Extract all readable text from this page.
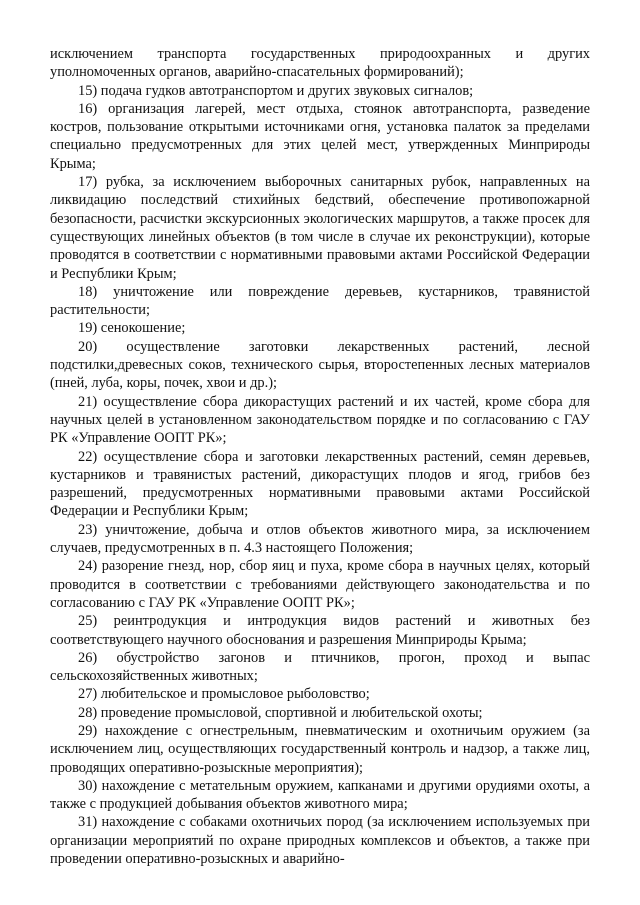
исключением транспорта государственных природоохранных и других уполномоченных органов, аварийно-спасательных формирований);

15) подача гудков автотранспортом и других звуковых сигналов;

16) организация лагерей, мест отдыха, стоянок автотранспорта, разведение костров, пользование открытыми источниками огня, установка палаток за пределами специально предусмотренных для этих целей мест, утвержденных Минприроды Крыма;

17) рубка, за исключением выборочных санитарных рубок, направленных на ликвидацию последствий стихийных бедствий, обеспечение противопожарной безопасности, расчистки экскурсионных экологических маршрутов, а также просек для существующих линейных объектов (в том числе в случае их реконструкции), которые проводятся в соответствии с нормативными правовыми актами Российской Федерации и Республики Крым;

18) уничтожение или повреждение деревьев, кустарников, травянистой растительности;

19) сенокошение;

20) осуществление заготовки лекарственных растений, лесной подстилки,древесных соков, технического сырья, второстепенных лесных материалов (пней, луба, коры, почек, хвои и др.);

21) осуществление сбора дикорастущих растений и их частей, кроме сбора для научных целей в установленном законодательством порядке и по согласованию с ГАУ РК «Управление ООПТ РК»;

22) осуществление сбора и заготовки лекарственных растений, семян деревьев, кустарников и травянистых растений, дикорастущих плодов и ягод, грибов без разрешений, предусмотренных нормативными правовыми актами Российской Федерации и Республики Крым;

23) уничтожение, добыча и отлов объектов животного мира, за исключением случаев, предусмотренных в п. 4.3 настоящего Положения;

24) разорение гнезд, нор, сбор яиц и пуха, кроме сбора в научных целях, который проводится в соответствии с требованиями действующего законодательства и по согласованию с ГАУ РК «Управление ООПТ РК»;

25) реинтродукция и интродукция видов растений и животных без соответствующего научного обоснования и разрешения Минприроды Крыма;

26) обустройство загонов и птичников, прогон, проход и выпас сельскохозяйственных животных;

27) любительское и промысловое рыболовство;

28) проведение промысловой, спортивной и любительской охоты;

29) нахождение с огнестрельным, пневматическим и охотничьим оружием (за исключением лиц, осуществляющих государственный контроль и надзор, а также лиц, проводящих оперативно-розыскные мероприятия);

30) нахождение с метательным оружием, капканами и другими орудиями охоты, а также с продукцией добывания объектов животного мира;

31) нахождение с собаками охотничьих пород (за исключением используемых при организации мероприятий по охране природных комплексов и объектов, а также при проведении оперативно-розыскных и аварийно-
